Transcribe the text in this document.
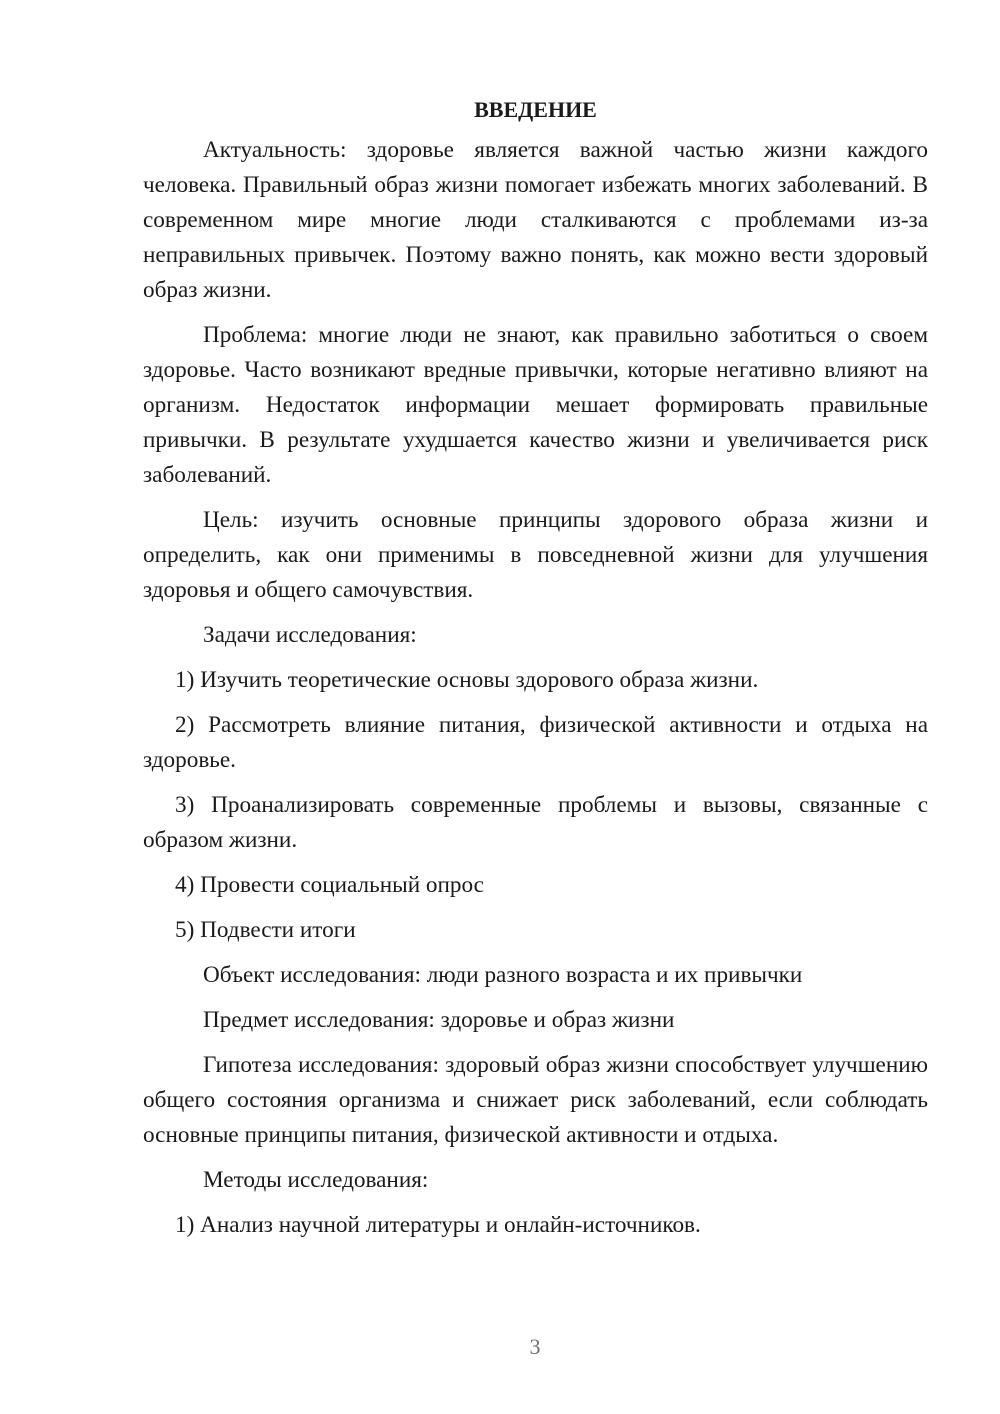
ВВЕДЕНИЕ

Актуальность: здоровье является важной частью жизни каждого человека. Правильный образ жизни помогает избежать многих заболеваний. В современном мире многие люди сталкиваются с проблемами из-за неправильных привычек. Поэтому важно понять, как можно вести здоровый образ жизни.

Проблема: многие люди не знают, как правильно заботиться о своем здоровье. Часто возникают вредные привычки, которые негативно влияют на организм. Недостаток информации мешает формировать правильные привычки. В результате ухудшается качество жизни и увеличивается риск заболеваний.

Цель: изучить основные принципы здорового образа жизни и определить, как они применимы в повседневной жизни для улучшения здоровья и общего самочувствия.

Задачи исследования:

1) Изучить теоретические основы здорового образа жизни.

2) Рассмотреть влияние питания, физической активности и отдыха на здоровье.

3) Проанализировать современные проблемы и вызовы, связанные с образом жизни.

4) Провести социальный опрос

5) Подвести итоги

Объект исследования: люди разного возраста и их привычки

Предмет исследования: здоровье и образ жизни

Гипотеза исследования: здоровый образ жизни способствует улучшению общего состояния организма и снижает риск заболеваний, если соблюдать основные принципы питания, физической активности и отдыха.

Методы исследования:

1) Анализ научной литературы и онлайн-источников.

3
